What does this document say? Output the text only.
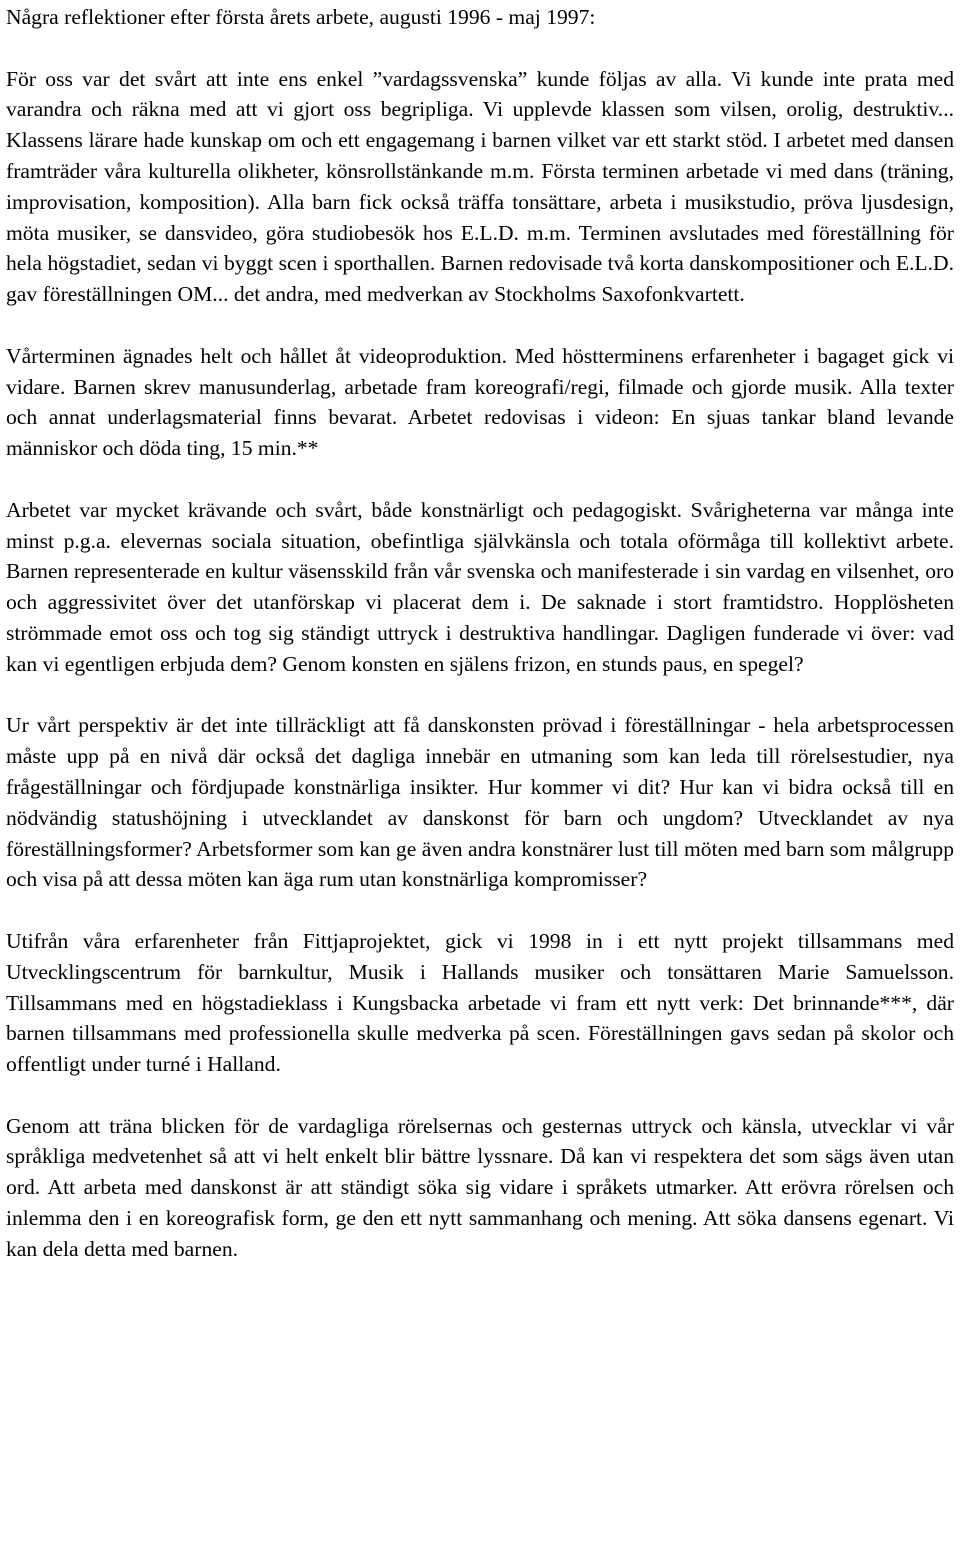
Några reflektioner efter första årets arbete, augusti 1996 - maj 1997:

För oss var det svårt att inte ens enkel ”vardagssvenska” kunde följas av alla. Vi kunde inte prata med varandra och räkna med att vi gjort oss begripliga. Vi upplevde klassen som vilsen, orolig, destruktiv... Klassens lärare hade kunskap om och ett engagemang i barnen vilket var ett starkt stöd. I arbetet med dansen framträder våra kulturella olikheter, könsrollstänkande m.m. Första terminen arbetade vi med dans (träning, improvisation, komposition). Alla barn fick också träffa tonsättare, arbeta i musikstudio, pröva ljusdesign, möta musiker, se dansvideo, göra studiobesök hos E.L.D. m.m. Terminen avslutades med föreställning för hela högstadiet, sedan vi byggt scen i sporthallen. Barnen redovisade två korta danskompositioner och E.L.D. gav föreställningen OM... det andra, med medverkan av Stockholms Saxofonkvartett.

Vårterminen ägnades helt och hållet åt videoproduktion. Med höstterminens erfarenheter i bagaget gick vi vidare. Barnen skrev manusunderlag, arbetade fram koreografi/regi, filmade och gjorde musik. Alla texter och annat underlagsmaterial finns bevarat. Arbetet redovisas i videon: En sjuas tankar bland levande människor och döda ting, 15 min.**

Arbetet var mycket krävande och svårt, både konstnärligt och pedagogiskt. Svårigheterna var många inte minst p.g.a. elevernas sociala situation, obefintliga självkänsla och totala oförmåga till kollektivt arbete. Barnen representerade en kultur väsensskild från vår svenska och manifesterade i sin vardag en vilsenhet, oro och aggressivitet över det utanförskap vi placerat dem i. De saknade i stort framtidstro. Hopplösheten strömmade emot oss och tog sig ständigt uttryck i destruktiva handlingar. Dagligen funderade vi över: vad kan vi egentligen erbjuda dem? Genom konsten en själens frizon, en stunds paus, en spegel?

Ur vårt perspektiv är det inte tillräckligt att få danskonsten prövad i föreställningar - hela arbetsprocessen måste upp på en nivå där också det dagliga innebär en utmaning som kan leda till rörelsestudier, nya frågeställningar och fördjupade konstnärliga insikter. Hur kommer vi dit? Hur kan vi bidra också till en nödvändig statushöjning i utvecklandet av danskonst för barn och ungdom? Utvecklandet av nya föreställningsformer? Arbetsformer som kan ge även andra konstnärer lust till möten med barn som målgrupp och visa på att dessa möten kan äga rum utan konstnärliga kompromisser?

Utifrån våra erfarenheter från Fittjaprojektet, gick vi 1998 in i ett nytt projekt tillsammans med Utvecklingscentrum för barnkultur, Musik i Hallands musiker och tonsättaren Marie Samuelsson. Tillsammans med en högstadieklass i Kungsbacka arbetade vi fram ett nytt verk: Det brinnande***, där barnen tillsammans med professionella skulle medverka på scen. Föreställningen gavs sedan på skolor och offentligt under turné i Halland.

Genom att träna blicken för de vardagliga rörelsernas och gesternas uttryck och känsla, utvecklar vi vår språkliga medvetenhet så att vi helt enkelt blir bättre lyssnare. Då kan vi respektera det som sägs även utan ord. Att arbeta med danskonst är att ständigt söka sig vidare i språkets utmarker. Att erövra rörelsen och inlemma den i en koreografisk form, ge den ett nytt sammanhang och mening. Att söka dansens egenart. Vi kan dela detta med barnen.
